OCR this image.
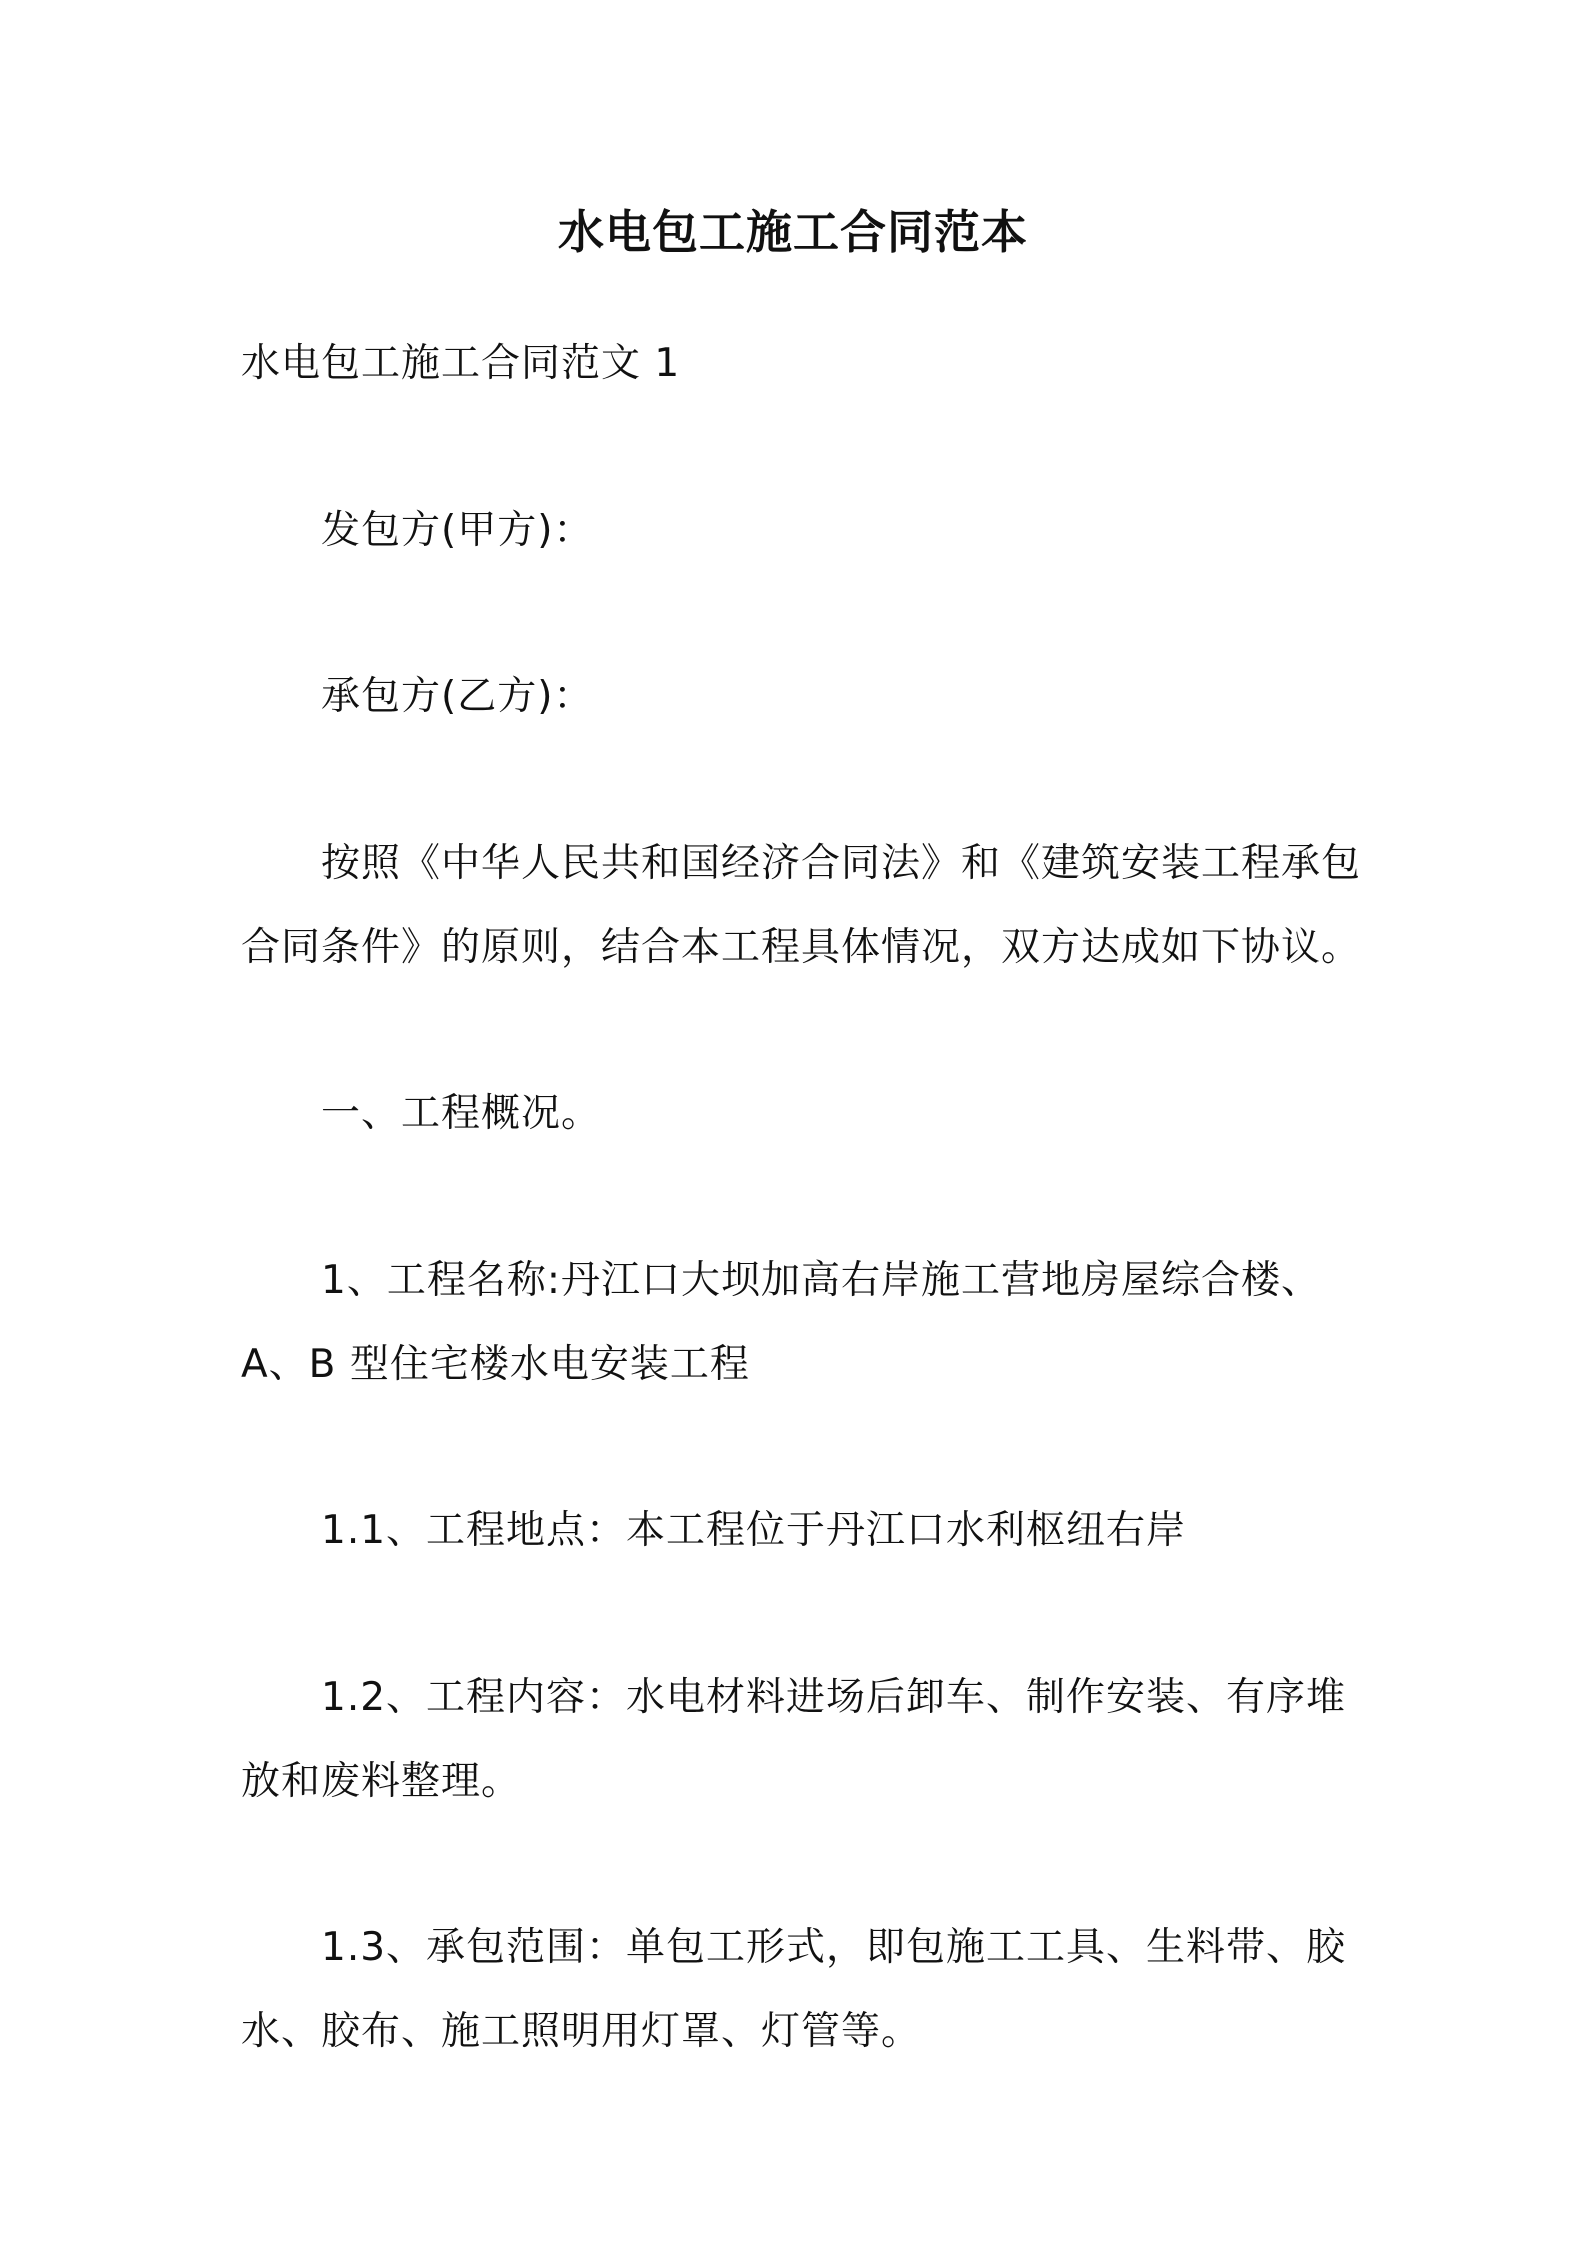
水电包工施工合同范本

水电包工施工合同范文 1

发包方(甲方)：

承包方(乙方)：

按照《中华人民共和国经济合同法》和《建筑安装工程承包合同条件》的原则，结合本工程具体情况，双方达成如下协议。

一、工程概况。

1、工程名称:丹江口大坝加高右岸施工营地房屋综合楼、A、B 型住宅楼水电安装工程

1.1、工程地点：本工程位于丹江口水利枢纽右岸

1.2、工程内容：水电材料进场后卸车、制作安装、有序堆放和废料整理。

1.3、承包范围：单包工形式，即包施工工具、生料带、胶水、胶布、施工照明用灯罩、灯管等。
